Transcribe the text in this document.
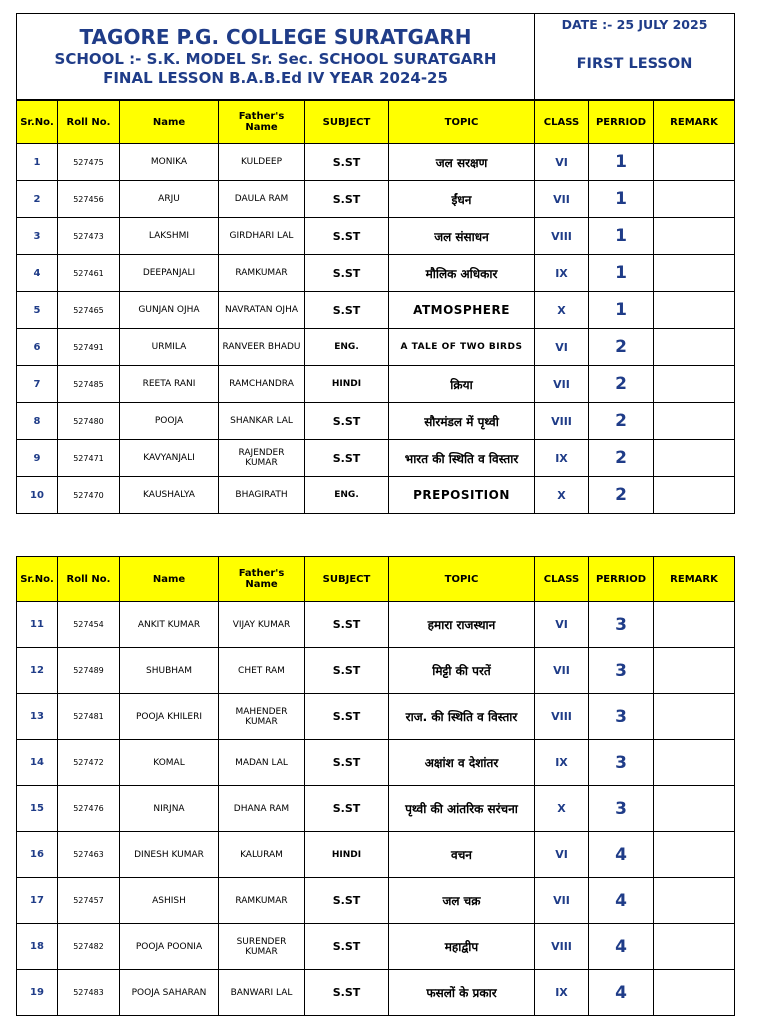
TAGORE P.G. COLLEGE SURATGARH
SCHOOL :- S.K. MODEL Sr. Sec. SCHOOL SURATGARH
FINAL LESSON B.A.B.Ed IV YEAR 2024-25

DATE :- 25 JULY 2025
FIRST LESSON
Sr.No.	Roll No.	Name	Father's Name	SUBJECT	TOPIC	CLASS	PERRIOD	REMARK
1	527475	MONIKA	KULDEEP	S.ST	जल सरक्षण	VI	1	
2	527456	ARJU	DAULA RAM	S.ST	ईंधन	VII	1	
3	527473	LAKSHMI	GIRDHARI LAL	S.ST	जल संसाधन	VIII	1	
4	527461	DEEPANJALI	RAMKUMAR	S.ST	मौलिक अधिकार	IX	1	
5	527465	GUNJAN OJHA	NAVRATAN OJHA	S.ST	ATMOSPHERE	X	1	
6	527491	URMILA	RANVEER BHADU	ENG.	A TALE OF TWO BIRDS	VI	2	
7	527485	REETA RANI	RAMCHANDRA	HINDI	क्रिया	VII	2	
8	527480	POOJA	SHANKAR LAL	S.ST	सौरमंडल में पृथ्वी	VIII	2	
9	527471	KAVYANJALI	RAJENDER KUMAR	S.ST	भारत की स्थिति व विस्तार	IX	2	
10	527470	KAUSHALYA	BHAGIRATH	ENG.	PREPOSITION	X	2	
Sr.No.	Roll No.	Name	Father's Name	SUBJECT	TOPIC	CLASS	PERRIOD	REMARK
11	527454	ANKIT KUMAR	VIJAY KUMAR	S.ST	हमारा राजस्थान	VI	3	
12	527489	SHUBHAM	CHET RAM	S.ST	मिट्टी की परतें	VII	3	
13	527481	POOJA KHILERI	MAHENDER KUMAR	S.ST	राज. की स्थिति व विस्तार	VIII	3	
14	527472	KOMAL	MADAN LAL	S.ST	अक्षांश व देशांतर	IX	3	
15	527476	NIRJNA	DHANA RAM	S.ST	पृथ्वी की आंतरिक सरंचना	X	3	
16	527463	DINESH KUMAR	KALURAM	HINDI	वचन	VI	4	
17	527457	ASHISH	RAMKUMAR	S.ST	जल चक्र	VII	4	
18	527482	POOJA POONIA	SURENDER KUMAR	S.ST	महाद्वीप	VIII	4	
19	527483	POOJA SAHARAN	BANWARI LAL	S.ST	फसलों के प्रकार	IX	4	
